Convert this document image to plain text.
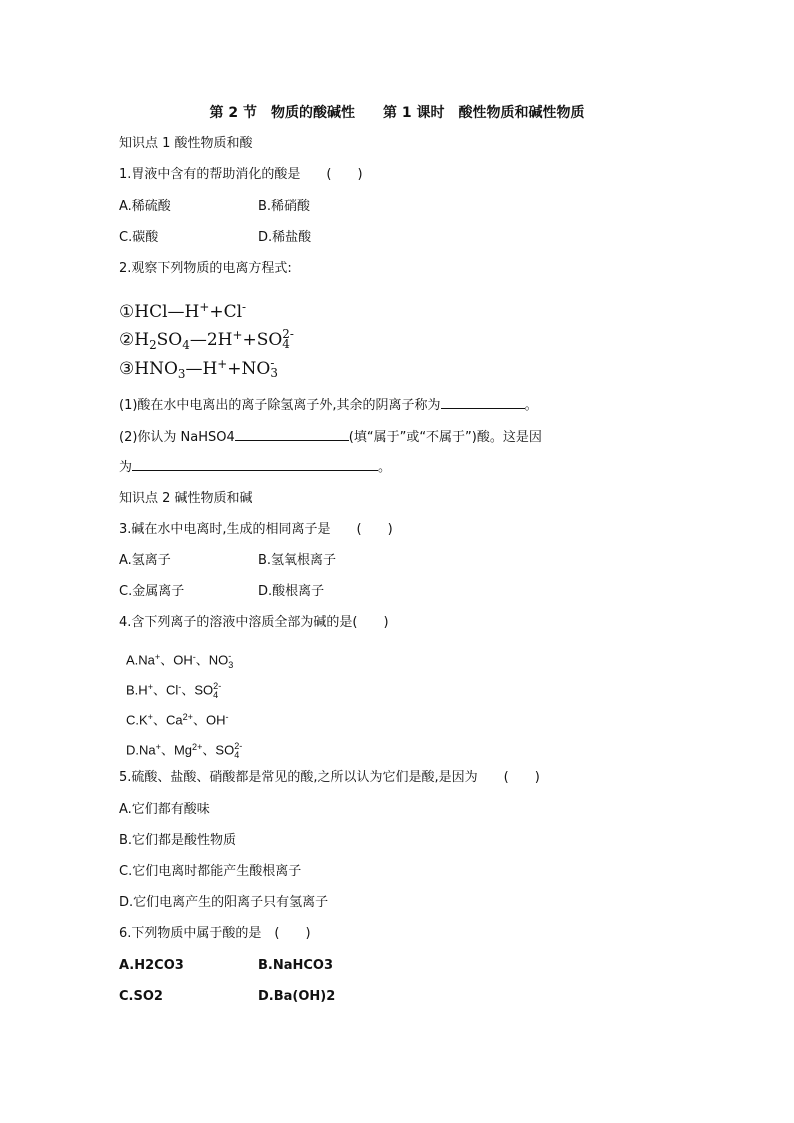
第 2 节　物质的酸碱性　　第 1 课时　酸性物质和碱性物质
知识点 1 酸性物质和酸
1.胃液中含有的帮助消化的酸是　　(　　)
A.稀硫酸	B.稀硝酸
C.碳酸	D.稀盐酸
2.观察下列物质的电离方程式:
①HCl—H++Cl-
$②H_2SO_4—2H^++SO$ 2-
4
$③HNO_3—H^++NO$ -
3
(1)酸在水中电离出的离子除氢离子外,其余的阴离子称为	。
(2)你认为 NaHSO4	(填“属于”或“不属于”)酸。这是因
为	。
知识点 2 碱性物质和碱
3.碱在水中电离时,生成的相同离子是　　(　　)
A.氢离子	B.氢氧根离子
C.金属离子	D.酸根离子
4.含下列离子的溶液中溶质全部为碱的是(　　)
A.Na+、OH-、NO -
3
B.H+、Cl-、SO 2-
4
C.K+、$Ca^{2+}$、OH-
D.Na+、$Mg^{2+}$、SO 2-
4
5.硫酸、盐酸、硝酸都是常见的酸,之所以认为它们是酸,是因为　　(　　)
A.它们都有酸味
B.它们都是酸性物质
C.它们电离时都能产生酸根离子
D.它们电离产生的阳离子只有氢离子
6.下列物质中属于酸的是　(　　)
A.H2CO3	B.NaHCO3
C.SO2	D.Ba(OH)2
